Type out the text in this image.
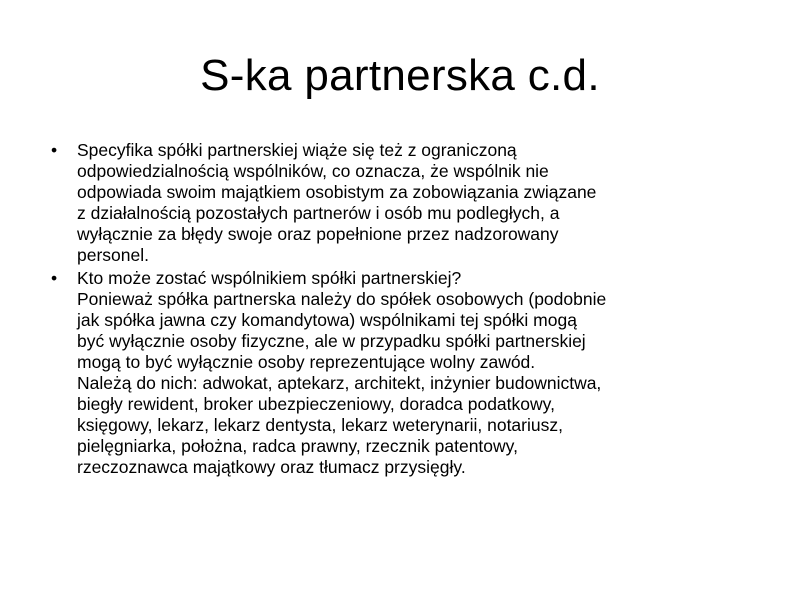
S-ka partnerska c.d.
•	Specyfika spółki partnerskiej wiąże się też z ograniczoną
odpowiedzialnością wspólników, co oznacza, że wspólnik nie
odpowiada swoim majątkiem osobistym za zobowiązania związane
z działalnością pozostałych partnerów i osób mu podległych, a
wyłącznie za błędy swoje oraz popełnione przez nadzorowany
personel.
•	Kto może zostać wspólnikiem spółki partnerskiej?
Ponieważ spółka partnerska należy do spółek osobowych (podobnie
jak spółka jawna czy komandytowa) wspólnikami tej spółki mogą
być wyłącznie osoby fizyczne, ale w przypadku spółki partnerskiej
mogą to być wyłącznie osoby reprezentujące wolny zawód.
Należą do nich: adwokat, aptekarz, architekt, inżynier budownictwa,
biegły rewident, broker ubezpieczeniowy, doradca podatkowy,
księgowy, lekarz, lekarz dentysta, lekarz weterynarii, notariusz,
pielęgniarka, położna, radca prawny, rzecznik patentowy,
rzeczoznawca majątkowy oraz tłumacz przysięgły.
